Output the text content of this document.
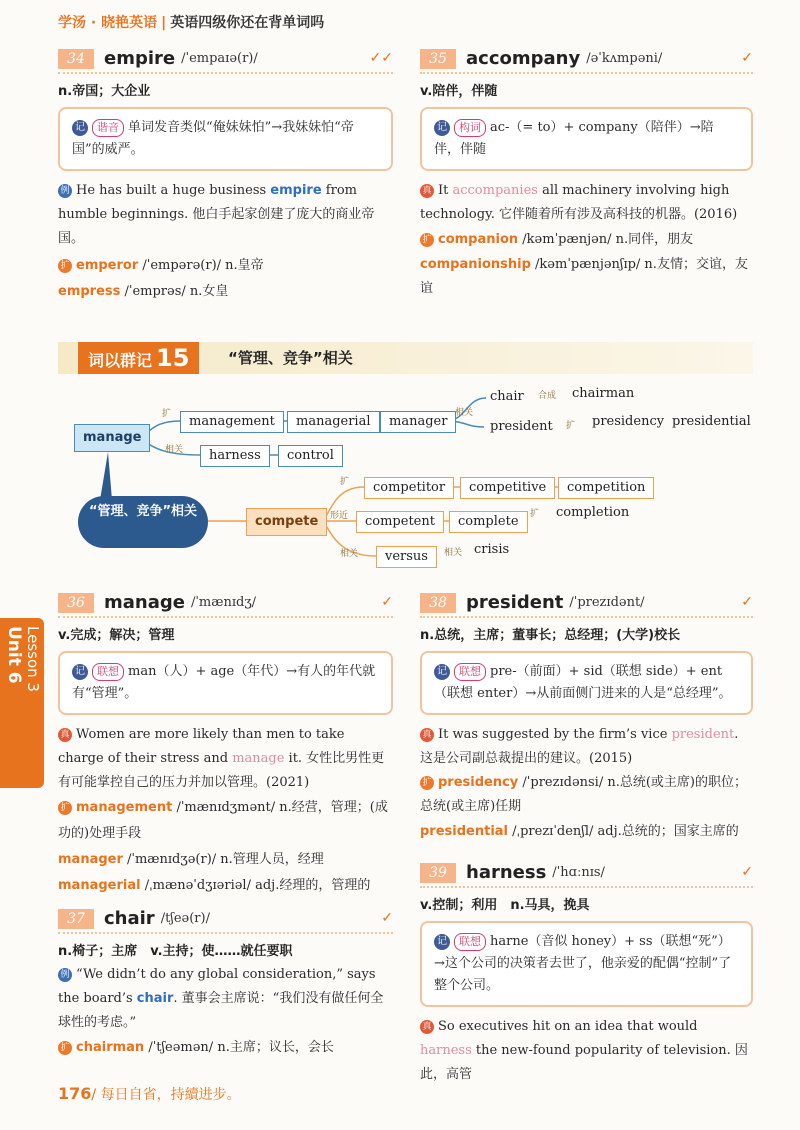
学汤 · 晓艳英语 | 英语四级你还在背单词吗
34 empire /ˈempaɪə(r)/	✓✓
n.帝国；大企业
记 谐音 单词发音类似“俺妹妹怕”→我妹妹怕“帝国”的威严。
例 He has built a huge business empire from humble beginnings. 他白手起家创建了庞大的商业帝国。
扩 emperor /ˈempərə(r)/ n.皇帝
empress /ˈemprəs/ n.女皇
35 accompany /əˈkʌmpəni/	✓
v.陪伴，伴随
记 构词 ac-（= to）+ company（陪伴）→陪伴，伴随
真 It accompanies all machinery involving high technology. 它伴随着所有涉及高科技的机器。(2016)
扩 companion /kəmˈpænjən/ n.同伴，朋友
companionship /kəmˈpænjənʃɪp/ n.友情；交谊，友谊
词以群记 15	“管理、竞争”相关
manage
compete
“管理、竞争”相关
扩
相关
management	managerial	manager
相关
chair 合成 chairman
president 扩 presidency presidential
harness	control
扩	competitor	competitive	competition
形近	competent	complete	扩 completion
相关	versus	相关 crisis
Unit 6 Lesson 3
36 manage /ˈmænɪdʒ/	✓
v.完成；解决；管理
记 联想 man（人）+ age（年代）→有人的年代就有“管理”。
真 Women are more likely than men to take charge of their stress and manage it. 女性比男性更有可能掌控自己的压力并加以管理。(2021)
扩 management /ˈmænɪdʒmənt/ n.经营，管理；(成功的)处理手段
manager /ˈmænɪdʒə(r)/ n.管理人员，经理
managerial /ˌmænəˈdʒɪəriəl/ adj.经理的，管理的
37 chair /tʃeə(r)/	✓
n.椅子；主席　v.主持；使……就任要职
例 “We didn’t do any global consideration,” says the board’s chair. 董事会主席说：“我们没有做任何全球性的考虑。”
扩 chairman /ˈtʃeəmən/ n.主席；议长，会长
38 president /ˈprezɪdənt/	✓
n.总统，主席；董事长；总经理；(大学)校长
记 联想 pre-（前面）+ sid（联想 side）+ ent（联想 enter）→从前面侧门进来的人是“总经理”。
真 It was suggested by the firm’s vice president. 这是公司副总裁提出的建议。(2015)
扩 presidency /ˈprezɪdənsi/ n.总统(或主席)的职位；总统(或主席)任期
presidential /ˌprezɪˈdenʃl/ adj.总统的；国家主席的
39 harness /ˈhɑːnɪs/	✓
v.控制；利用　n.马具，挽具
记 联想 harne（音似 honey）+ ss（联想“死”）→这个公司的决策者去世了，他亲爱的配偶“控制”了整个公司。
真 So executives hit on an idea that would harness the new-found popularity of television. 因此，高管
176/ 每日自省，持續进步。
